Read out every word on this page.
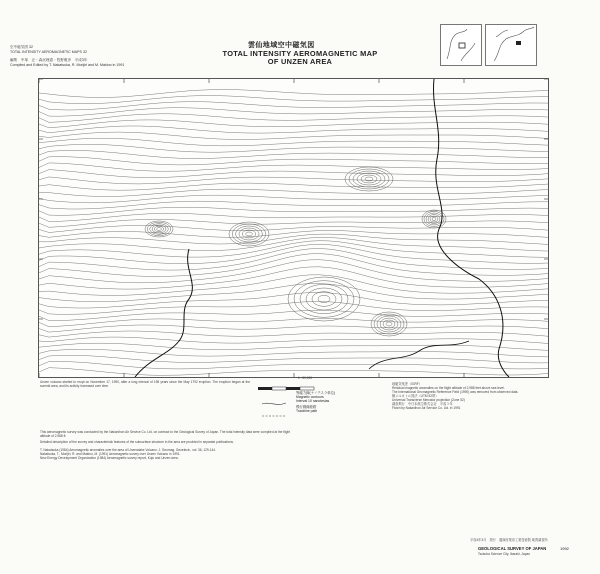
空中磁気図 32
TOTAL INTENSITY AEROMAGNETIC MAPS 32
編集　中塚　正・森尻理恵・牧野雅彦　平成3年
Compiled and Edited by T. Nakatsuka, R. Morijiri and M. Makino in 1991
雲仙地域空中磁気図
TOTAL INTENSITY AEROMAGNETIC MAP
OF UNZEN AREA
·	·
1 : 50,000
等磁力線(ナノテスラ単位)
Magnetic contours
Interval 10 nanoteslas
飛行測線経路
Trackline path
地磁気残差（IGRF）
Residual magnetic anomalies on the flight altitude of 2,988 feet above sea level.
The International Geomagnetic Reference Field (1990) was removed from observed data.
横メルカトル図法（UTM 52帯）
Universal Transverse Mercator projection (Zone 52)
調査飛行　中日本航空株式会社　平成３年
Flown by Nakanihon Air Service Co. Ltd. in 1991
Unzen volcano started to erupt on November 17, 1990, after a long interval of 198 years since the May 1792 eruption. The eruption began at the summit area, and its activity increased over time.
This aeromagnetic survey was conducted by the Nakanihon Air Service Co. Ltd. on contract to the Geological Survey of Japan. The total intensity data were compiled at the flight altitude of 2,988 ft.
Detailed description of the survey and characteristic features of the subsurface structure in the area are provided in separate publications.
T. Nakatsuka (1984) Aeromagnetic anomalies over the area of Unzendake Volcano. J. Geomag. Geoelectr., vol. 36, 129-144.
Nakatsuka, T., Morijiri, R. and Makino, M. (1991) Aeromagnetic survey over Unzen Volcano in 1991.
New Energy Development Organization (1984) Aeromagnetic survey report, Kuju and Unzen area.
平成4年3月　発行　通商産業省工業技術院 地質調査所
GEOLOGICAL SURVEY OF JAPAN	1992
Tsukuba Science City, Ibaraki, Japan
